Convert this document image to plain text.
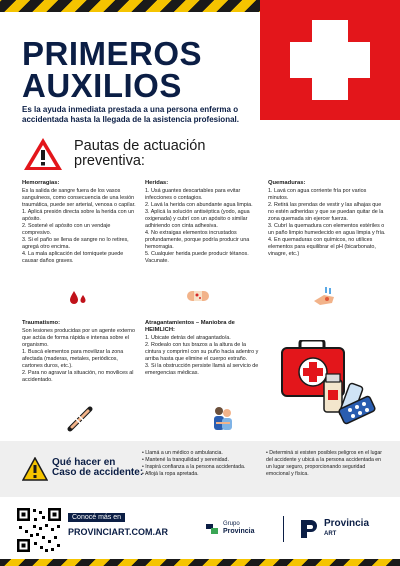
PRIMEROS
AUXILIOS
Es la ayuda inmediata prestada a una persona enferma o accidentada hasta la llegada de la asistencia profesional.
Pautas de actuación
preventiva:
Hemorragias:

Es la salida de sangre fuera de los vasos sanguíneos, como consecuencia de una lesión traumática, puede ser arterial, venosa o capilar.

1. Aplicá presión directa sobre la herida con un apósito.

2. Sostené el apósito con un vendaje compresivo.

3. Si el paño se llena de sangre no lo retires, agregá otro encima.

4. La mala aplicación del torniquete puede causar daños graves.

Heridas:

1. Usá guantes descartables para evitar infecciones o contagios.

2. Lavá la herida con abundante agua limpia.

3. Aplicá la solución antiséptica (yodo, agua oxigenada) y cubrí con un apósito o similar adhiriendo con cinta adhesiva.

4. No extraigas elementos incrustados profundamente, porque podría producir una hemorragia.

5. Cualquier herida puede producir tétanos. Vacunate.

Quemaduras:

1. Lavá con agua corriente fría por varios minutos.

2. Retirá las prendas de vestir y las alhajas que no estén adheridas y que se puedan quitar de la zona quemada sin ejercer fuerza.

3. Cubrí la quemadura con elementos estériles o un paño limpio humedecido en agua limpia y fría.

4. En quemaduras con químicos, no utilices elementos para equilibrar el pH (bicarbonato, vinagre, etc.)

Traumatismo:

Son lesiones producidas por un agente externo que actúa de forma rápida e intensa sobre el organismo.

1. Buscá elementos para movilizar la zona afectada (maderas, metales, periódicos, cartones duros, etc.).

2. Para no agravar la situación, no movilices al accidentado.

Atragantamientos – Maniobra de HEIMLICH:

1. Ubicate detrás del atragantado/a.

2. Rodealo con tus brazos a la altura de la cintura y comprimí con su puño hacia adentro y arriba hasta que elimine el cuerpo extraño.

3. Si la obstrucción persiste llamá al servicio de emergencias médicas.

Qué hacer en
Caso de accidente:
• Llamá a un médico o ambulancia.
• Mantené la tranquilidad y serenidad.
• Inspirá confianza a la persona accidentada.
• Aflojá la ropa apretada.
• Determiná si existen posibles peligros en el lugar del accidente y ubicá a la persona accidentada en un lugar seguro, proporcionando seguridad emocional y física.
Conocé más en
PROVINCIART.COM.AR
Grupo
Provincia
Provincia
ART
